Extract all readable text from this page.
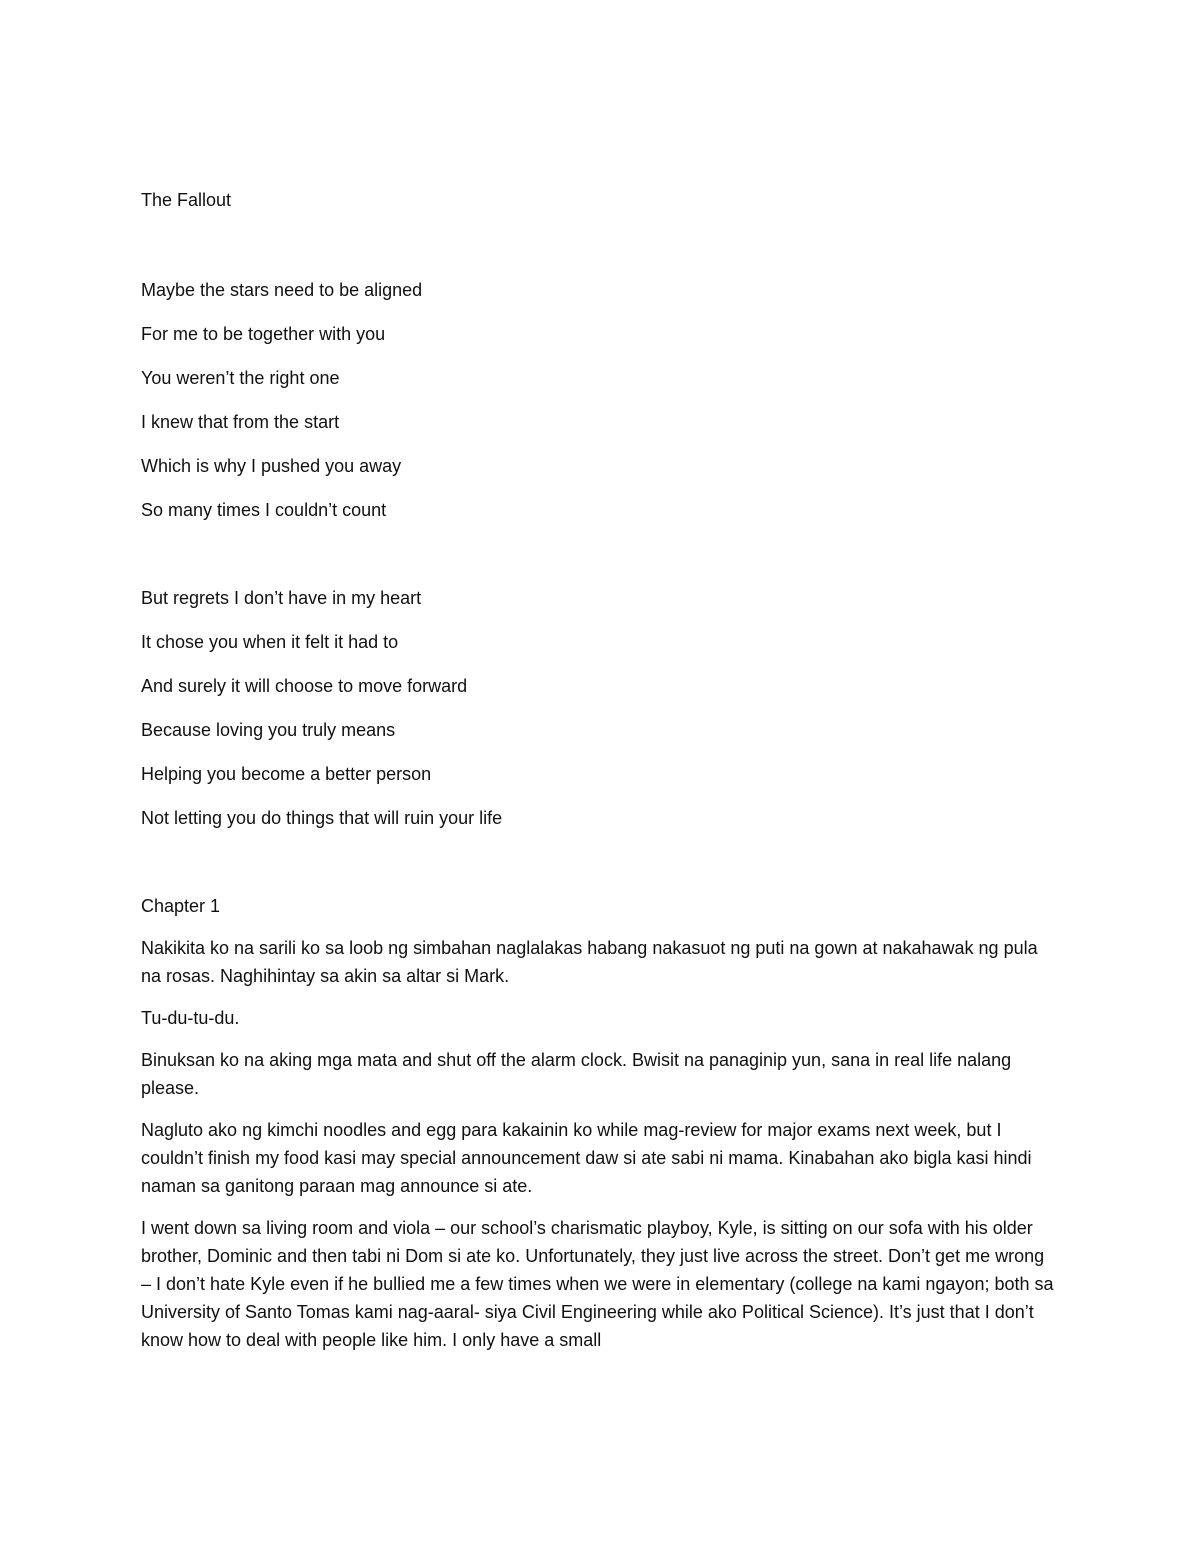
The Fallout

Maybe the stars need to be aligned

For me to be together with you

You weren’t the right one

I knew that from the start

Which is why I pushed you away

So many times I couldn’t count

But regrets I don’t have in my heart

It chose you when it felt it had to

And surely it will choose to move forward

Because loving you truly means

Helping you become a better person

Not letting you do things that will ruin your life

Chapter 1

Nakikita ko na sarili ko sa loob ng simbahan naglalakas habang nakasuot ng puti na gown at nakahawak ng pula na rosas. Naghihintay sa akin sa altar si Mark.

Tu-du-tu-du.

Binuksan ko na aking mga mata and shut off the alarm clock. Bwisit na panaginip yun, sana in real life nalang please.

Nagluto ako ng kimchi noodles and egg para kakainin ko while mag-review for major exams next week, but I couldn’t finish my food kasi may special announcement daw si ate sabi ni mama. Kinabahan ako bigla kasi hindi naman sa ganitong paraan mag announce si ate.

I went down sa living room and viola – our school’s charismatic playboy, Kyle, is sitting on our sofa with his older brother, Dominic and then tabi ni Dom si ate ko. Unfortunately, they just live across the street. Don’t get me wrong – I don’t hate Kyle even if he bullied me a few times when we were in elementary (college na kami ngayon; both sa University of Santo Tomas kami nag-aaral- siya Civil Engineering while ako Political Science). It’s just that I don’t know how to deal with people like him. I only have a small
